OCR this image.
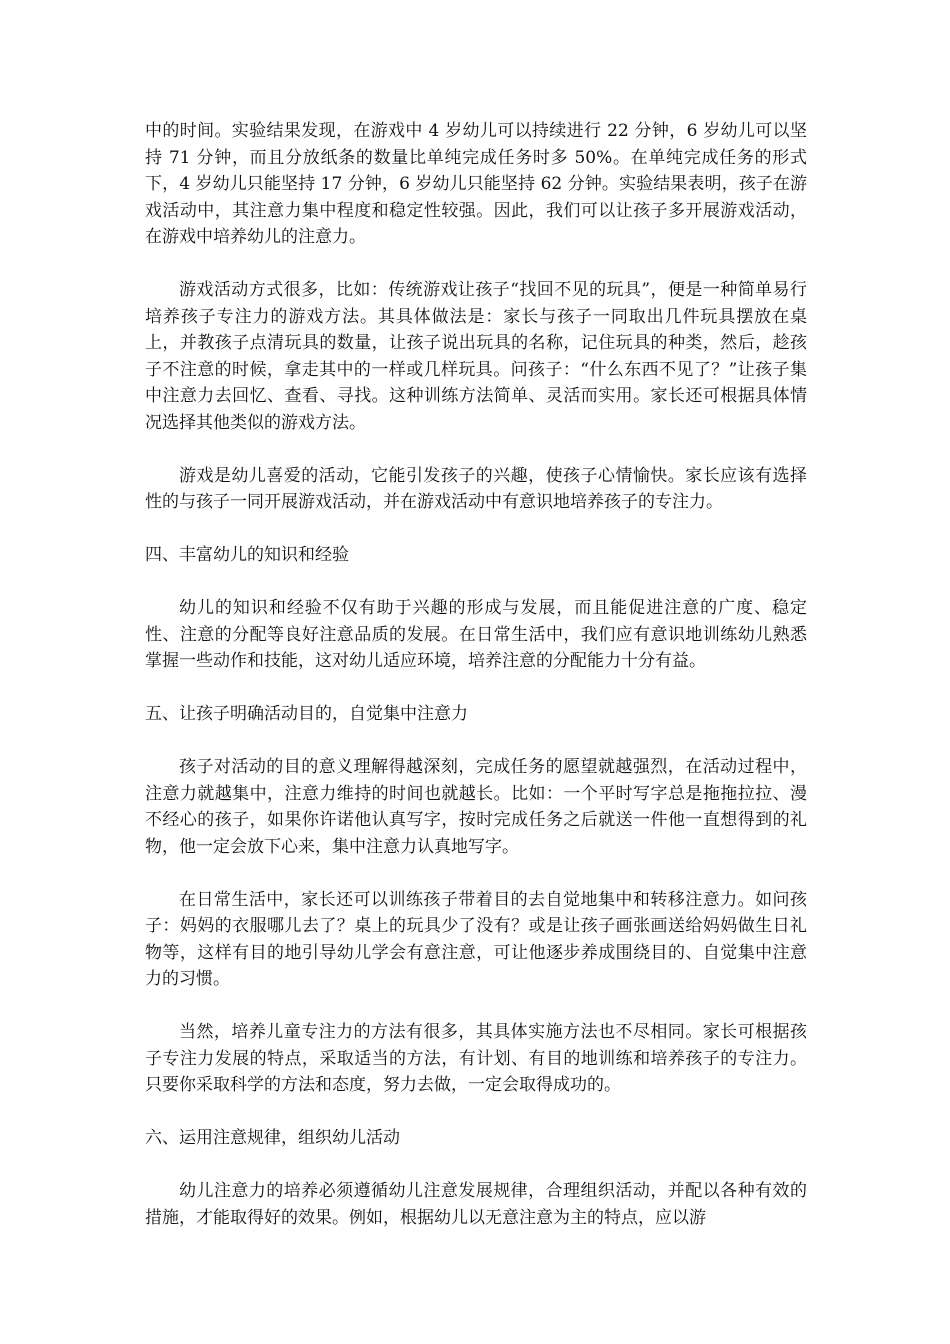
中的时间。实验结果发现，在游戏中 4 岁幼儿可以持续进行 22 分钟，6 岁幼儿可以坚持 71 分钟，而且分放纸条的数量比单纯完成任务时多 50%。在单纯完成任务的形式下，4 岁幼儿只能坚持 17 分钟，6 岁幼儿只能坚持 62 分钟。实验结果表明，孩子在游戏活动中，其注意力集中程度和稳定性较强。因此，我们可以让孩子多开展游戏活动，在游戏中培养幼儿的注意力。

游戏活动方式很多，比如：传统游戏让孩子“找回不见的玩具”，便是一种简单易行培养孩子专注力的游戏方法。其具体做法是：家长与孩子一同取出几件玩具摆放在桌上，并教孩子点清玩具的数量，让孩子说出玩具的名称，记住玩具的种类，然后，趁孩子不注意的时候，拿走其中的一样或几样玩具。问孩子：“什么东西不见了？”让孩子集中注意力去回忆、查看、寻找。这种训练方法简单、灵活而实用。家长还可根据具体情况选择其他类似的游戏方法。

游戏是幼儿喜爱的活动，它能引发孩子的兴趣，使孩子心情愉快。家长应该有选择性的与孩子一同开展游戏活动，并在游戏活动中有意识地培养孩子的专注力。

四、丰富幼儿的知识和经验

幼儿的知识和经验不仅有助于兴趣的形成与发展，而且能促进注意的广度、稳定性、注意的分配等良好注意品质的发展。在日常生活中，我们应有意识地训练幼儿熟悉掌握一些动作和技能，这对幼儿适应环境，培养注意的分配能力十分有益。

五、让孩子明确活动目的，自觉集中注意力

孩子对活动的目的意义理解得越深刻，完成任务的愿望就越强烈，在活动过程中，注意力就越集中，注意力维持的时间也就越长。比如：一个平时写字总是拖拖拉拉、漫不经心的孩子，如果你许诺他认真写字，按时完成任务之后就送一件他一直想得到的礼物，他一定会放下心来，集中注意力认真地写字。

在日常生活中，家长还可以训练孩子带着目的去自觉地集中和转移注意力。如问孩子：妈妈的衣服哪儿去了？桌上的玩具少了没有？或是让孩子画张画送给妈妈做生日礼物等，这样有目的地引导幼儿学会有意注意，可让他逐步养成围绕目的、自觉集中注意力的习惯。

当然，培养儿童专注力的方法有很多，其具体实施方法也不尽相同。家长可根据孩子专注力发展的特点，采取适当的方法，有计划、有目的地训练和培养孩子的专注力。只要你采取科学的方法和态度，努力去做，一定会取得成功的。

六、运用注意规律，组织幼儿活动

幼儿注意力的培养必须遵循幼儿注意发展规律，合理组织活动，并配以各种有效的措施，才能取得好的效果。例如，根据幼儿以无意注意为主的特点，应以游
